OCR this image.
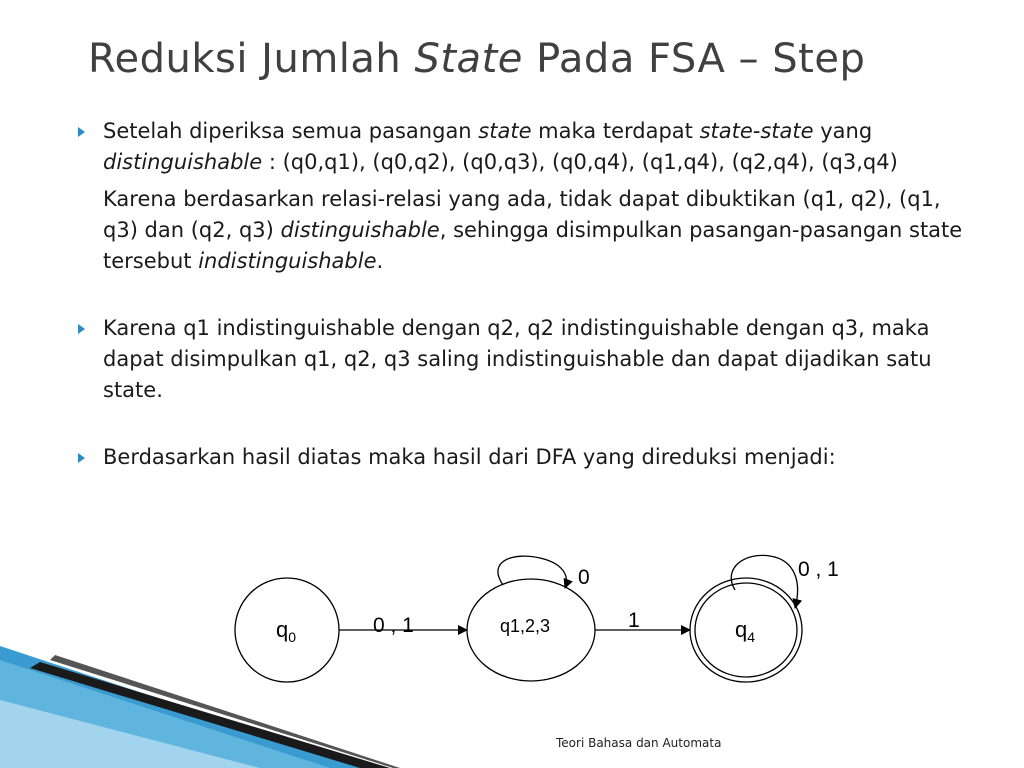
Reduksi Jumlah State Pada FSA – Step
Setelah diperiksa semua pasangan state maka terdapat state-state yang distinguishable : (q0,q1), (q0,q2), (q0,q3), (q0,q4), (q1,q4), (q2,q4), (q3,q4)
Karena berdasarkan relasi-relasi yang ada, tidak dapat dibuktikan (q1, q2), (q1, q3) dan (q2, q3) distinguishable, sehingga disimpulkan pasangan-pasangan state tersebut indistinguishable.
Karena q1 indistinguishable dengan q2, q2 indistinguishable dengan q3, maka dapat disimpulkan q1, q2, q3 saling indistinguishable dan dapat dijadikan satu state.
Berdasarkan hasil diatas maka hasil dari DFA yang direduksi menjadi:
$q_0$
q1,2,3	$q_4$
0 , 1	1
0	0 , 1
Teori Bahasa dan Automata
